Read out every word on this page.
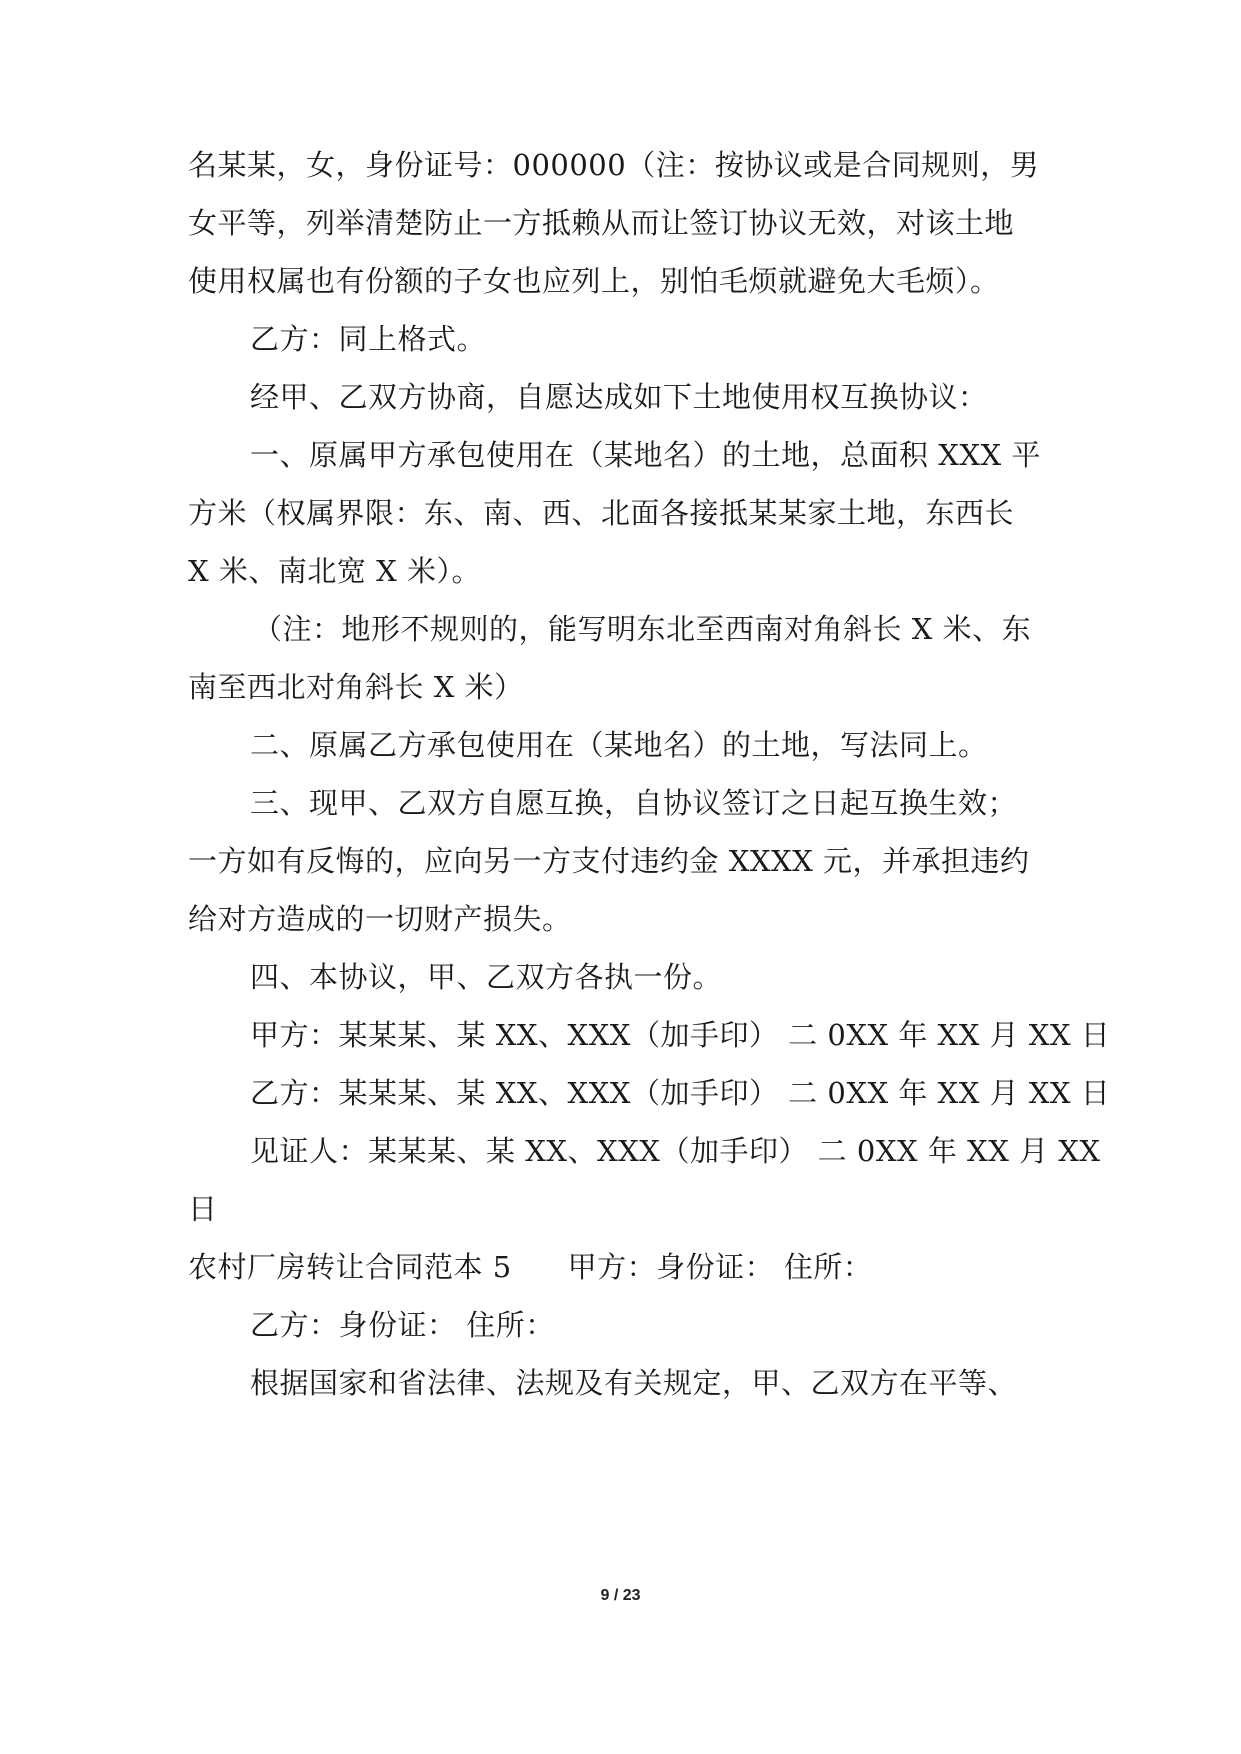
名某某，女，身份证号：000000（注：按协议或是合同规则，男
女平等，列举清楚防止一方抵赖从而让签订协议无效，对该土地
使用权属也有份额的子女也应列上，别怕毛烦就避免大毛烦）。
乙方：同上格式。
经甲、乙双方协商，自愿达成如下土地使用权互换协议：
一、原属甲方承包使用在（某地名）的土地，总面积 XXX 平
方米（权属界限：东、南、西、北面各接抵某某家土地，东西长
X 米、南北宽 X 米）。
（注：地形不规则的，能写明东北至西南对角斜长 X 米、东
南至西北对角斜长 X 米）
二、原属乙方承包使用在（某地名）的土地，写法同上。
三、现甲、乙双方自愿互换，自协议签订之日起互换生效；
一方如有反悔的，应向另一方支付违约金 XXXX 元，并承担违约
给对方造成的一切财产损失。
四、本协议，甲、乙双方各执一份。
甲方：某某某、某 XX、XXX（加手印） 二 0XX 年 XX 月 XX 日
乙方：某某某、某 XX、XXX（加手印） 二 0XX 年 XX 月 XX 日
见证人：某某某、某 XX、XXX（加手印） 二 0XX 年 XX 月 XX
日
农村厂房转让合同范本 5 甲方：身份证： 住所：
乙方：身份证： 住所：
根据国家和省法律、法规及有关规定，甲、乙双方在平等、
9 / 23
